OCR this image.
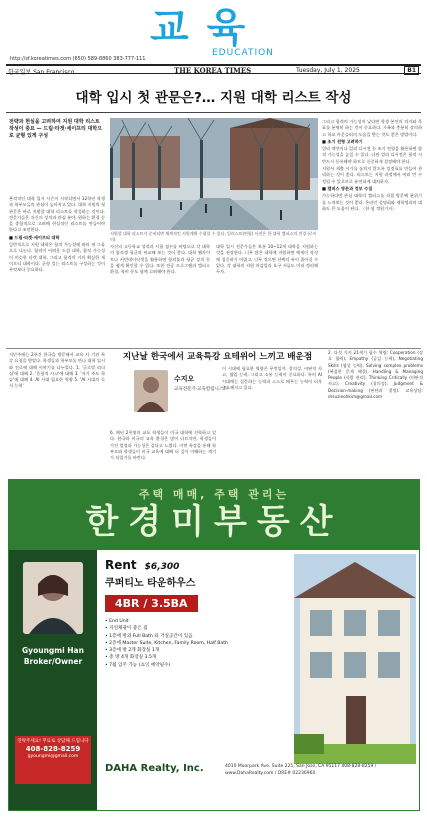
교육
EDUCATION
http://sf.koreatimes.com (650) 589-8860 383-777-111
한국일보 San Francisco	THE KOREA TIMES	Tuesday, July 1, 2025	B1
대학 입시 첫 관문은?… 지원 대학 리스트 작성
전략과 현실을 고려하여 지원 대학 리스트 작성이 중요 — 드림·타겟·세이프티 대학으로 균형 있게 구성

본격적인 대학 입시 시즌이 시작되면서 12학년 학생과 학부모들의 관심이 높아지고 있다. 대학 지원의 첫 관문은 바로 지원할 대학 리스트를 작성하는 것이다. 전문가들은 자신의 성적과 관심 분야, 원하는 환경 등을 종합적으로 고려해 현실적인 리스트를 만들어야 한다고 조언한다.

■ 드림·타겟·세이프티 대학

일반적으로 지원 대학은 합격 가능성에 따라 세 그룹으로 나눈다. 합격이 어려운 드림 대학, 합격 가능성이 비슷한 타겟 대학, 그리고 합격이 거의 확실한 세이프티 대학이다. 균형 있는 리스트를 구성하는 것이 무엇보다 중요하다.

지원할 대학 리스트가 준비되면 체계적인 지원계획 수립할 수 있다. 일러스트(연합) 사진은 한 대학 캠퍼스의 전경 (로이터)

자신의 고등학교 성적과 시험 점수를 바탕으로 각 대학의 합격생 평균과 비교해 보는 것이 좋다. 대학 웹사이트나 커먼데이터셋을 활용하면 합격률과 평균 성적 등을 쉽게 확인할 수 있다. 또한 전공 프로그램과 캠퍼스 환경, 학비 등도 함께 고려해야 한다.

대학 입시 전문가들은 보통 10~12개 대학을 지원하는 것을 권장한다. 너무 많은 대학에 지원하면 에세이 작성에 집중하기 어렵고, 너무 적으면 선택의 폭이 좁아질 수 있다. 각 대학의 지원 마감일과 요구 서류도 미리 정리해 두자.

그리고 합격의 가능성이 낮다면 학생 본인의 의지와 목표를 분명히 하는 것이 중요하다. 가족과 충분히 상의하고 학교 카운슬러의 도움을 받는 것도 좋은 방법이다.

■ 조기 전형 고려하기

얼리 액션이나 얼리 디시전 등 조기 전형을 활용하면 합격 가능성을 높일 수 있다. 다만 얼리 디시전은 합격 시 반드시 등록해야 하므로 신중하게 결정해야 한다.

지원서 제출 시기를 놓치지 않도록 일정표를 만들어 관리하는 것이 좋다. 리스트는 지원 과정에서 여러 번 수정될 수 있으므로 유연하게 대처하자.

■ 캠퍼스 방문과 정보 수집

가능하다면 관심 대학의 캠퍼스를 직접 방문해 분위기를 느껴보는 것이 좋다. 온라인 설명회와 재학생과의 대화도 큰 도움이 된다. 〈한 힘 객원기자〉

지난주에는 2주간 한국을 방문해서 교육 사 기관 특강 요청을 받았다. 학생들과 학부모를 만나 대학 입시와 진로에 대해 이야기를 나누었다. 1. '글로벌 리더십'에 대해 2. '융합적 사고'에 대해 3. '자기 주도 학습'에 대해 4. AI 시대 필요한 역량 5. 'AI 시대의 독서 능력'

지난날 한국에서 교육특강 요테위어 느끼고 배운점
수지오
교육전문가·교육칼럼니스트

6. 매년 2천명의 교포 학생들이 미국 대학에 진학하고 있다. 한국과 미국의 교육 환경은 많이 다르지만, 학생들이 가진 열정과 가능성은 같다고 느꼈다. 이번 특강을 통해 학부모와 학생들이 미국 교육에 대해 더 깊이 이해하는 계기가 되었기를 바란다.

이 시대에 필요한 역량은 무엇일까. 창의성, 비판적 사고, 협업 능력, 그리고 소통 능력이 중요하다. 특히 AI 시대에는 질문하는 능력과 스스로 배우는 능력이 더욱 중요해지고 있다.

2. 다섯 가지 21세기 필수 역량: Cooperation (상호 협력), Empathy (공감 능력), Negotiating Skills (협상 능력), Solving complex problems (복잡한 문제 해결), Handling & Managing People (사람 관리), Thinking Critically (비판적 사고), Creativity (창의성), Judgment & Decision-making (판단과 결정). 교육상담: drsuzieohkim@gmail.com

주택 매매, 주택 관리는
한경미부동산
Gyoungmi Han
Broker/Owner
연락주세요! 무료로 상담해 드립니다
408-828-8259
gyoungmi@gmail.com
Rent $6,300
쿠퍼티노 타운하우스
4BR / 3.5BA
• End Unit
• 자연채광이 좋은 집
• 1층에 방과 Full Bath 와 거실공간이 있음
• 2층에 Master Suite, Kitchen, Family Room, Half Bath
• 3층에 방 2개 화장실 1개
• 총 방 4개 화장실 3.5개
• 7월 입주 가능 (쇼잉 예약필수)
DAHA Realty, Inc.	4010 Moorpark Ave. Suite 225, San Jose, CA 95117 408-828-8259 / www.DahaRealty.com / DRE# 02236960
